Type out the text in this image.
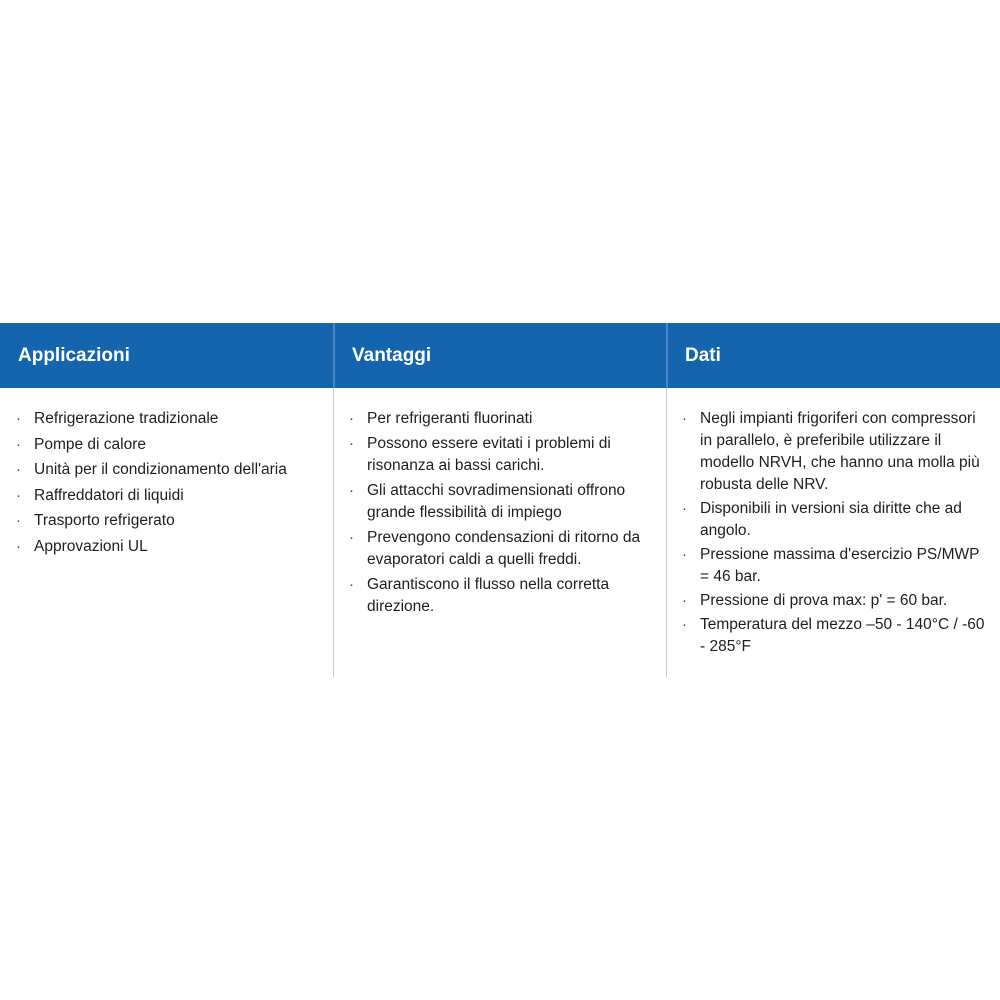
Applicazioni	Vantaggi	Dati
· Refrigerazione tradizionale
· Pompe di calore
· Unità per il condizionamento dell'aria
· Raffreddatori di liquidi
· Trasporto refrigerato
· Approvazioni UL
· Per refrigeranti fluorinati
· Possono essere evitati i problemi di risonanza ai bassi carichi.
· Gli attacchi sovradimensionati offrono grande flessibilità di impiego
· Prevengono condensazioni di ritorno da evaporatori caldi a quelli freddi.
· Garantiscono il flusso nella corretta direzione.
· Negli impianti frigoriferi con compressori in parallelo, è preferibile utilizzare il modello NRVH, che hanno una molla più robusta delle NRV.
· Disponibili in versioni sia diritte che ad angolo.
· Pressione massima d'esercizio PS/MWP = 46 bar.
· Pressione di prova max: p' = 60 bar.
· Temperatura del mezzo –50 - 140°C / -60 - 285°F
